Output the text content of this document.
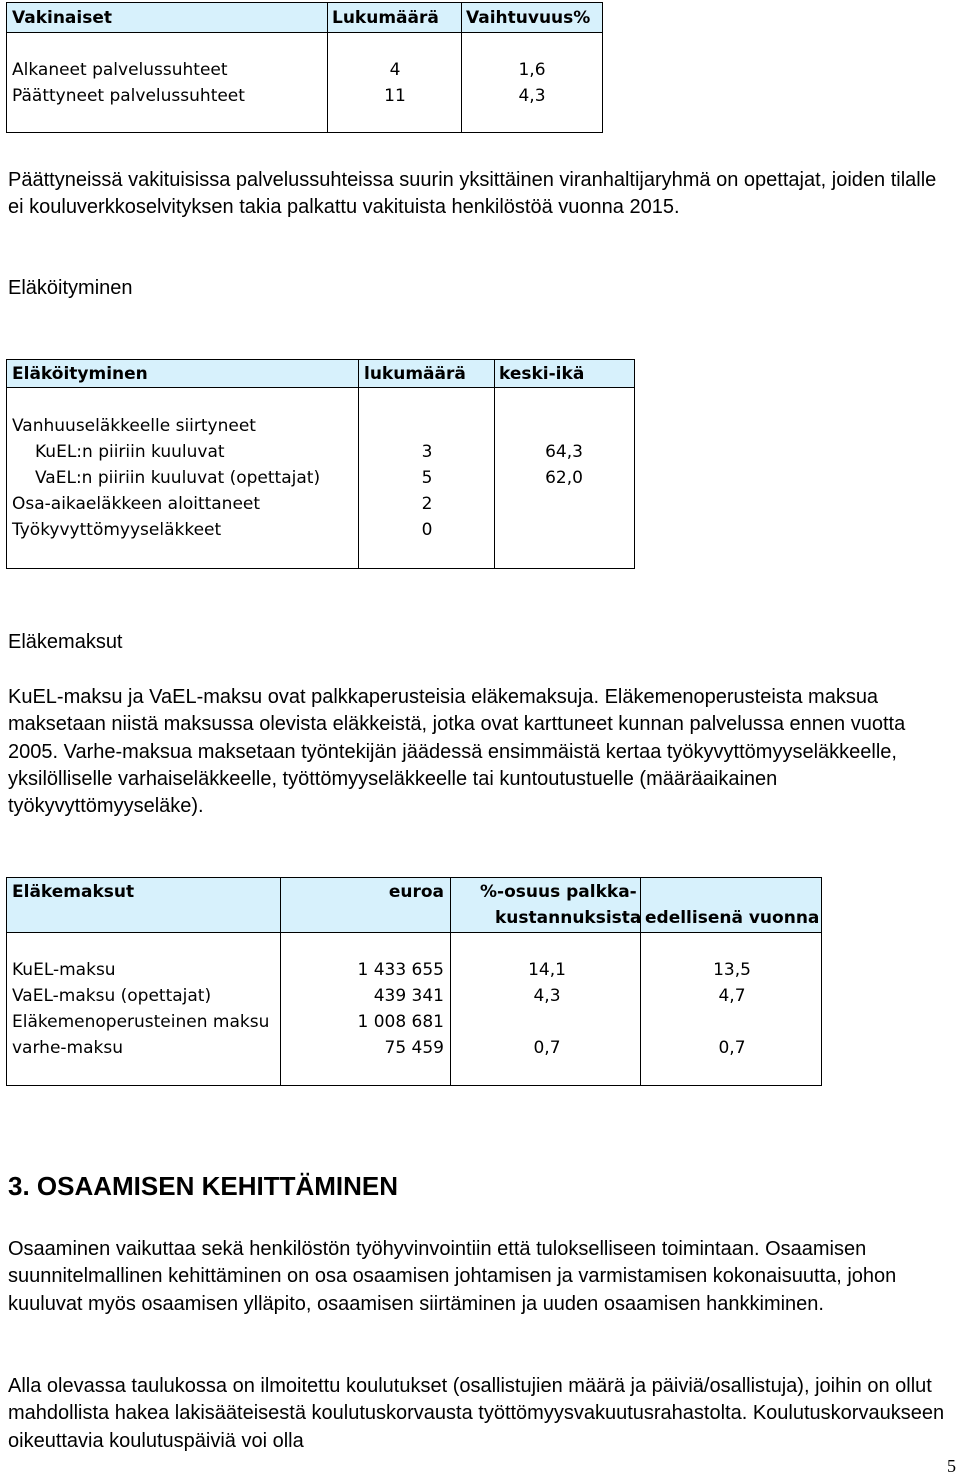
Vakinaiset	Lukumäärä Vaihtuvuus%
Alkaneet palvelussuhteet	4	1,6
Päättyneet palvelussuhteet	11	4,3

Päättyneissä vakituisissa palvelussuhteissa suurin yksittäinen viranhaltijaryhmä on opettajat, joiden tilalle ei kouluverkkoselvityksen takia palkattu vakituista henkilöstöä vuonna 2015.

Eläköityminen

Eläköityminen	lukumäärä keski-ikä
Vanhuuseläkkeelle siirtyneet
KuEL:n piiriin kuuluvat	3	64,3
VaEL:n piiriin kuuluvat (opettajat)	5	62,0
Osa-aikaeläkkeen aloittaneet	2
Työkyvyttömyyseläkkeet	0

Eläkemaksut

KuEL-maksu ja VaEL-maksu ovat palkkaperusteisia eläkemaksuja. Eläkemenoperusteista maksua maksetaan niistä maksussa olevista eläkkeistä, jotka ovat karttuneet kunnan palvelussa ennen vuotta 2005. Varhe-maksua maksetaan työntekijän jäädessä ensimmäistä kertaa työkyvyttömyyseläkkeelle, yksilölliselle varhaiseläkkeelle, työttömyyseläkkeelle tai kuntoutustuelle (määräaikainen työkyvyttömyyseläke).

Eläkemaksut	euroa %-osuus palkka-
kustannuksista edellisenä vuonna
KuEL-maksu	1 433 655	14,1	13,5
VaEL-maksu (opettajat)	439 341	4,3	4,7
Eläkemenoperusteinen maksu	1 008 681
varhe-maksu	75 459	0,7	0,7

3. OSAAMISEN KEHITTÄMINEN

Osaaminen vaikuttaa sekä henkilöstön työhyvinvointiin että tulokselliseen toimintaan. Osaamisen suunnitelmallinen kehittäminen on osa osaamisen johtamisen ja varmistamisen kokonaisuutta, johon kuuluvat myös osaamisen ylläpito, osaamisen siirtäminen ja uuden osaamisen hankkiminen.

Alla olevassa taulukossa on ilmoitettu koulutukset (osallistujien määrä ja päiviä/osallistuja), joihin on ollut mahdollista hakea lakisääteisestä koulutuskorvausta työttömyysvakuutusrahastolta. Koulutuskorvaukseen oikeuttavia koulutuspäiviä voi olla

5
